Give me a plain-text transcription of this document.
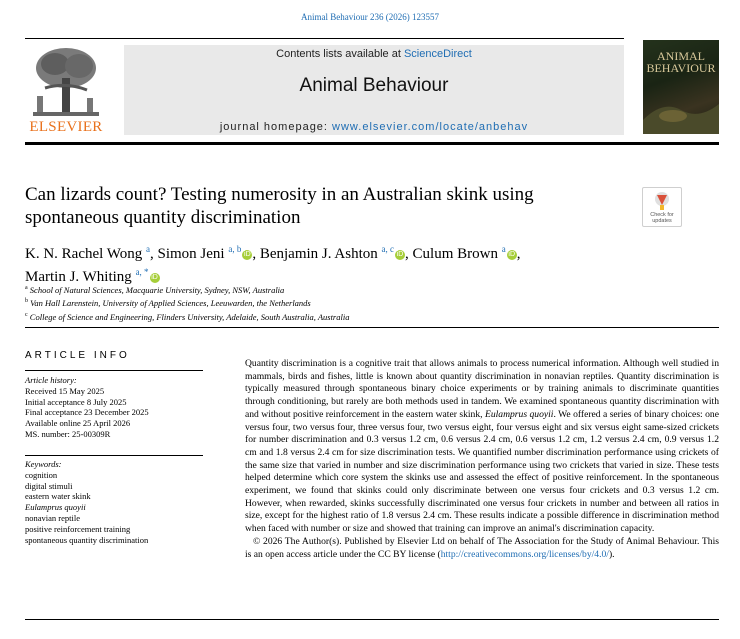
Animal Behaviour 236 (2026) 123557
ELSEVIER
Contents lists available at ScienceDirect
Animal Behaviour
journal homepage: www.elsevier.com/locate/anbehav
ANIMAL BEHAVIOUR
Can lizards count? Testing numerosity in an Australian skink using spontaneous quantity discrimination	Check for updates
K. N. Rachel Wong $^a$, Simon Jeni $^{a, b}$iD , Benjamin J. Ashton $^{a, c}$iD , Culum Brown $^a$iD ,
Martin J. Whiting $^{a, *}$iD
$^a$ School of Natural Sciences, Macquarie University, Sydney, NSW, Australia
$^b$ Van Hall Larenstein, University of Applied Sciences, Leeuwarden, the Netherlands
$^c$ College of Science and Engineering, Flinders University, Adelaide, South Australia, Australia
ARTICLE INFO
Article history:
Received 15 May 2025
Initial acceptance 8 July 2025
Final acceptance 23 December 2025
Available online 25 April 2026
MS. number: 25-00309R
Keywords:
cognition
digital stimuli
eastern water skink
Eulamprus quoyii
nonavian reptile
positive reinforcement training
spontaneous quantity discrimination

Quantity discrimination is a cognitive trait that allows animals to process numerical information. Although well studied in mammals, birds and fishes, little is known about quantity discrimination in nonavian reptiles. Quantity discrimination is typically measured through spontaneous binary choice experiments or by training animals to discriminate quantities through conditioning, but rarely are both methods used in tandem. We examined spontaneous quantity discrimination with and without positive reinforcement in the eastern water skink, Eulamprus quoyii. We offered a series of binary choices: one versus four, two versus four, three versus four, two versus eight, four versus eight and six versus eight same-sized crickets for number discrimination and 0.3 versus 1.2 cm, 0.6 versus 2.4 cm, 0.6 versus 1.2 cm, 1.2 versus 2.4 cm, 0.9 versus 1.2 cm and 1.8 versus 2.4 cm for size discrimination tests. We quantified number discrimination performance using crickets of the same size that varied in number and size discrimination performance using two crickets that varied in size. These tests helped determine which core system the skinks use and assessed the effect of positive reinforcement. In the spontaneous experiment, we found that skinks could only discriminate between one versus four crickets and 0.3 versus 1.2 cm. However, when rewarded, skinks successfully discriminated one versus four crickets in number and between all ratios in size, except for the highest ratio of 1.8 versus 2.4 cm. These results indicate a possible difference in discrimination method when faced with number or size and showed that training can improve an animal's discrimination capacity.

© 2026 The Author(s). Published by Elsevier Ltd on behalf of The Association for the Study of Animal Behaviour. This is an open access article under the CC BY license (http://creativecommons.org/licenses/by/4.0/).
